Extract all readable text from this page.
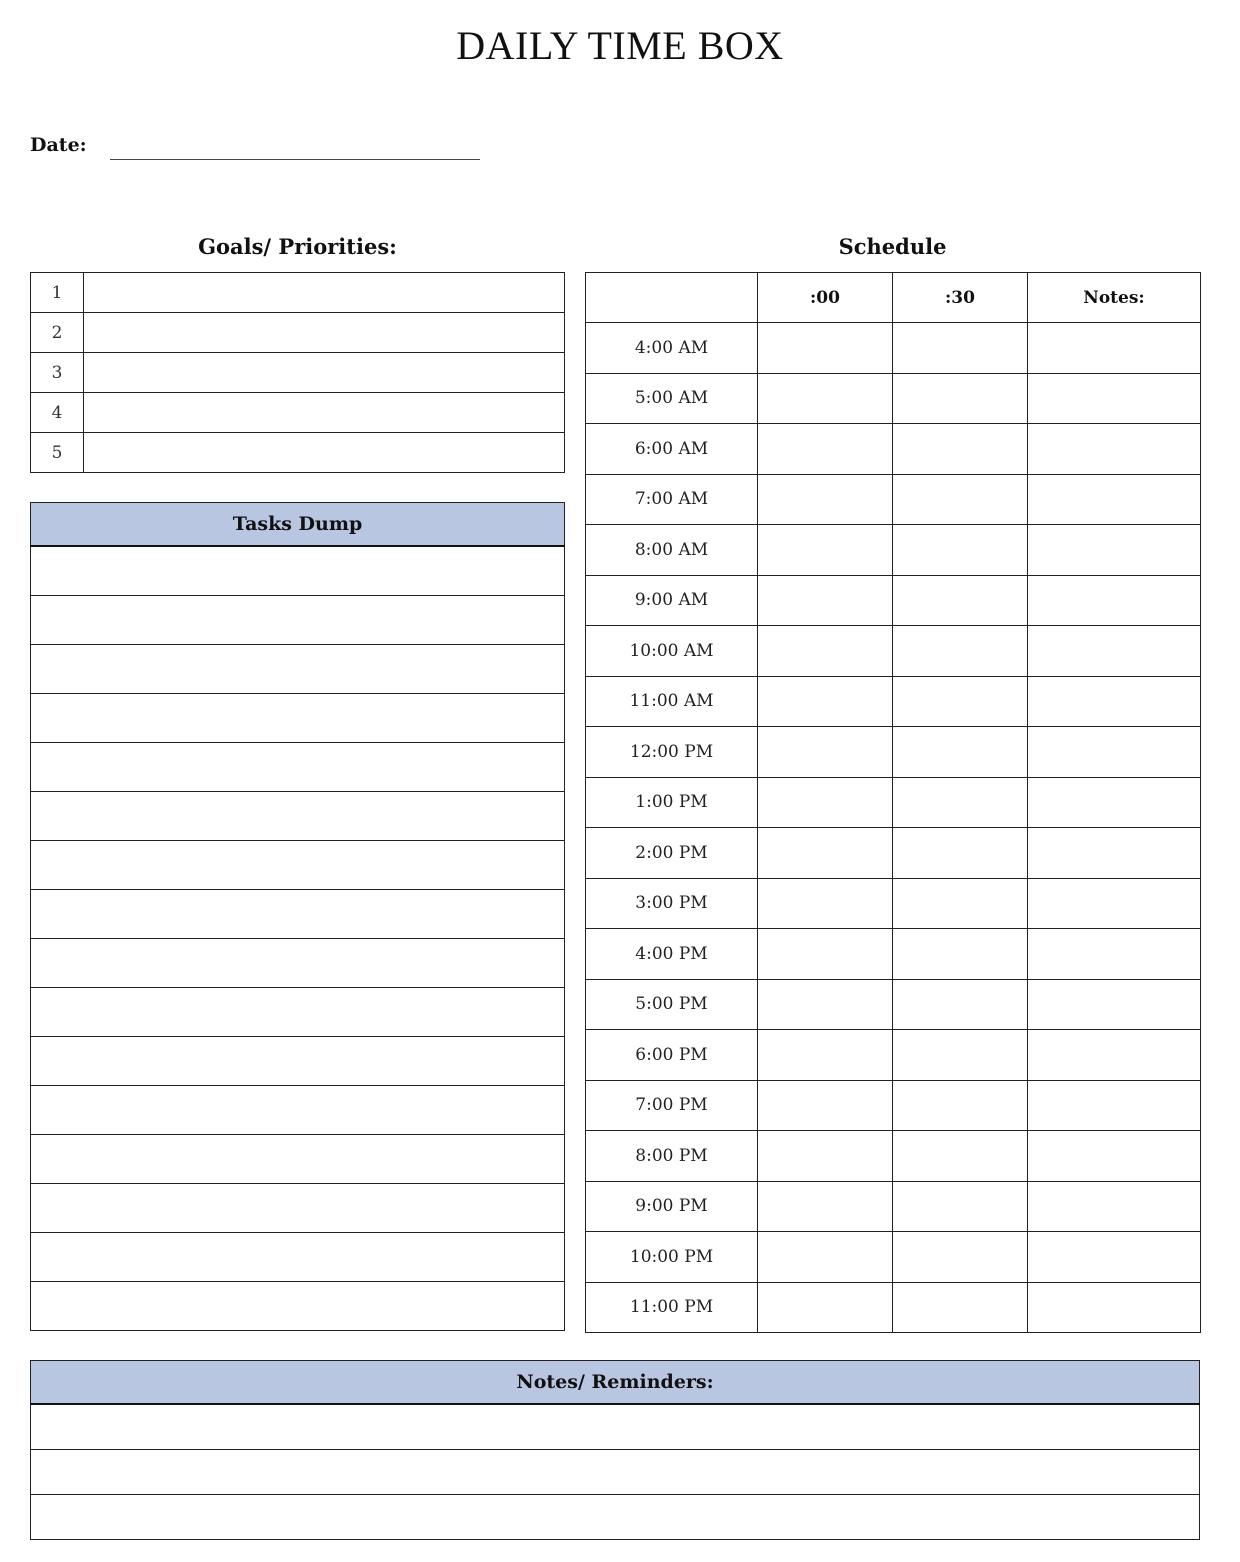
DAILY TIME BOX
Date:
Goals/ Priorities:	Schedule
1	
2	
3	
4	
5	
Tasks Dump

	:00	:30	Notes:
4:00 AM			
5:00 AM			
6:00 AM			
7:00 AM			
8:00 AM			
9:00 AM			
10:00 AM			
11:00 AM			
12:00 PM			
1:00 PM			
2:00 PM			
3:00 PM			
4:00 PM			
5:00 PM			
6:00 PM			
7:00 PM			
8:00 PM			
9:00 PM			
10:00 PM			
11:00 PM			
Notes/ Reminders:
